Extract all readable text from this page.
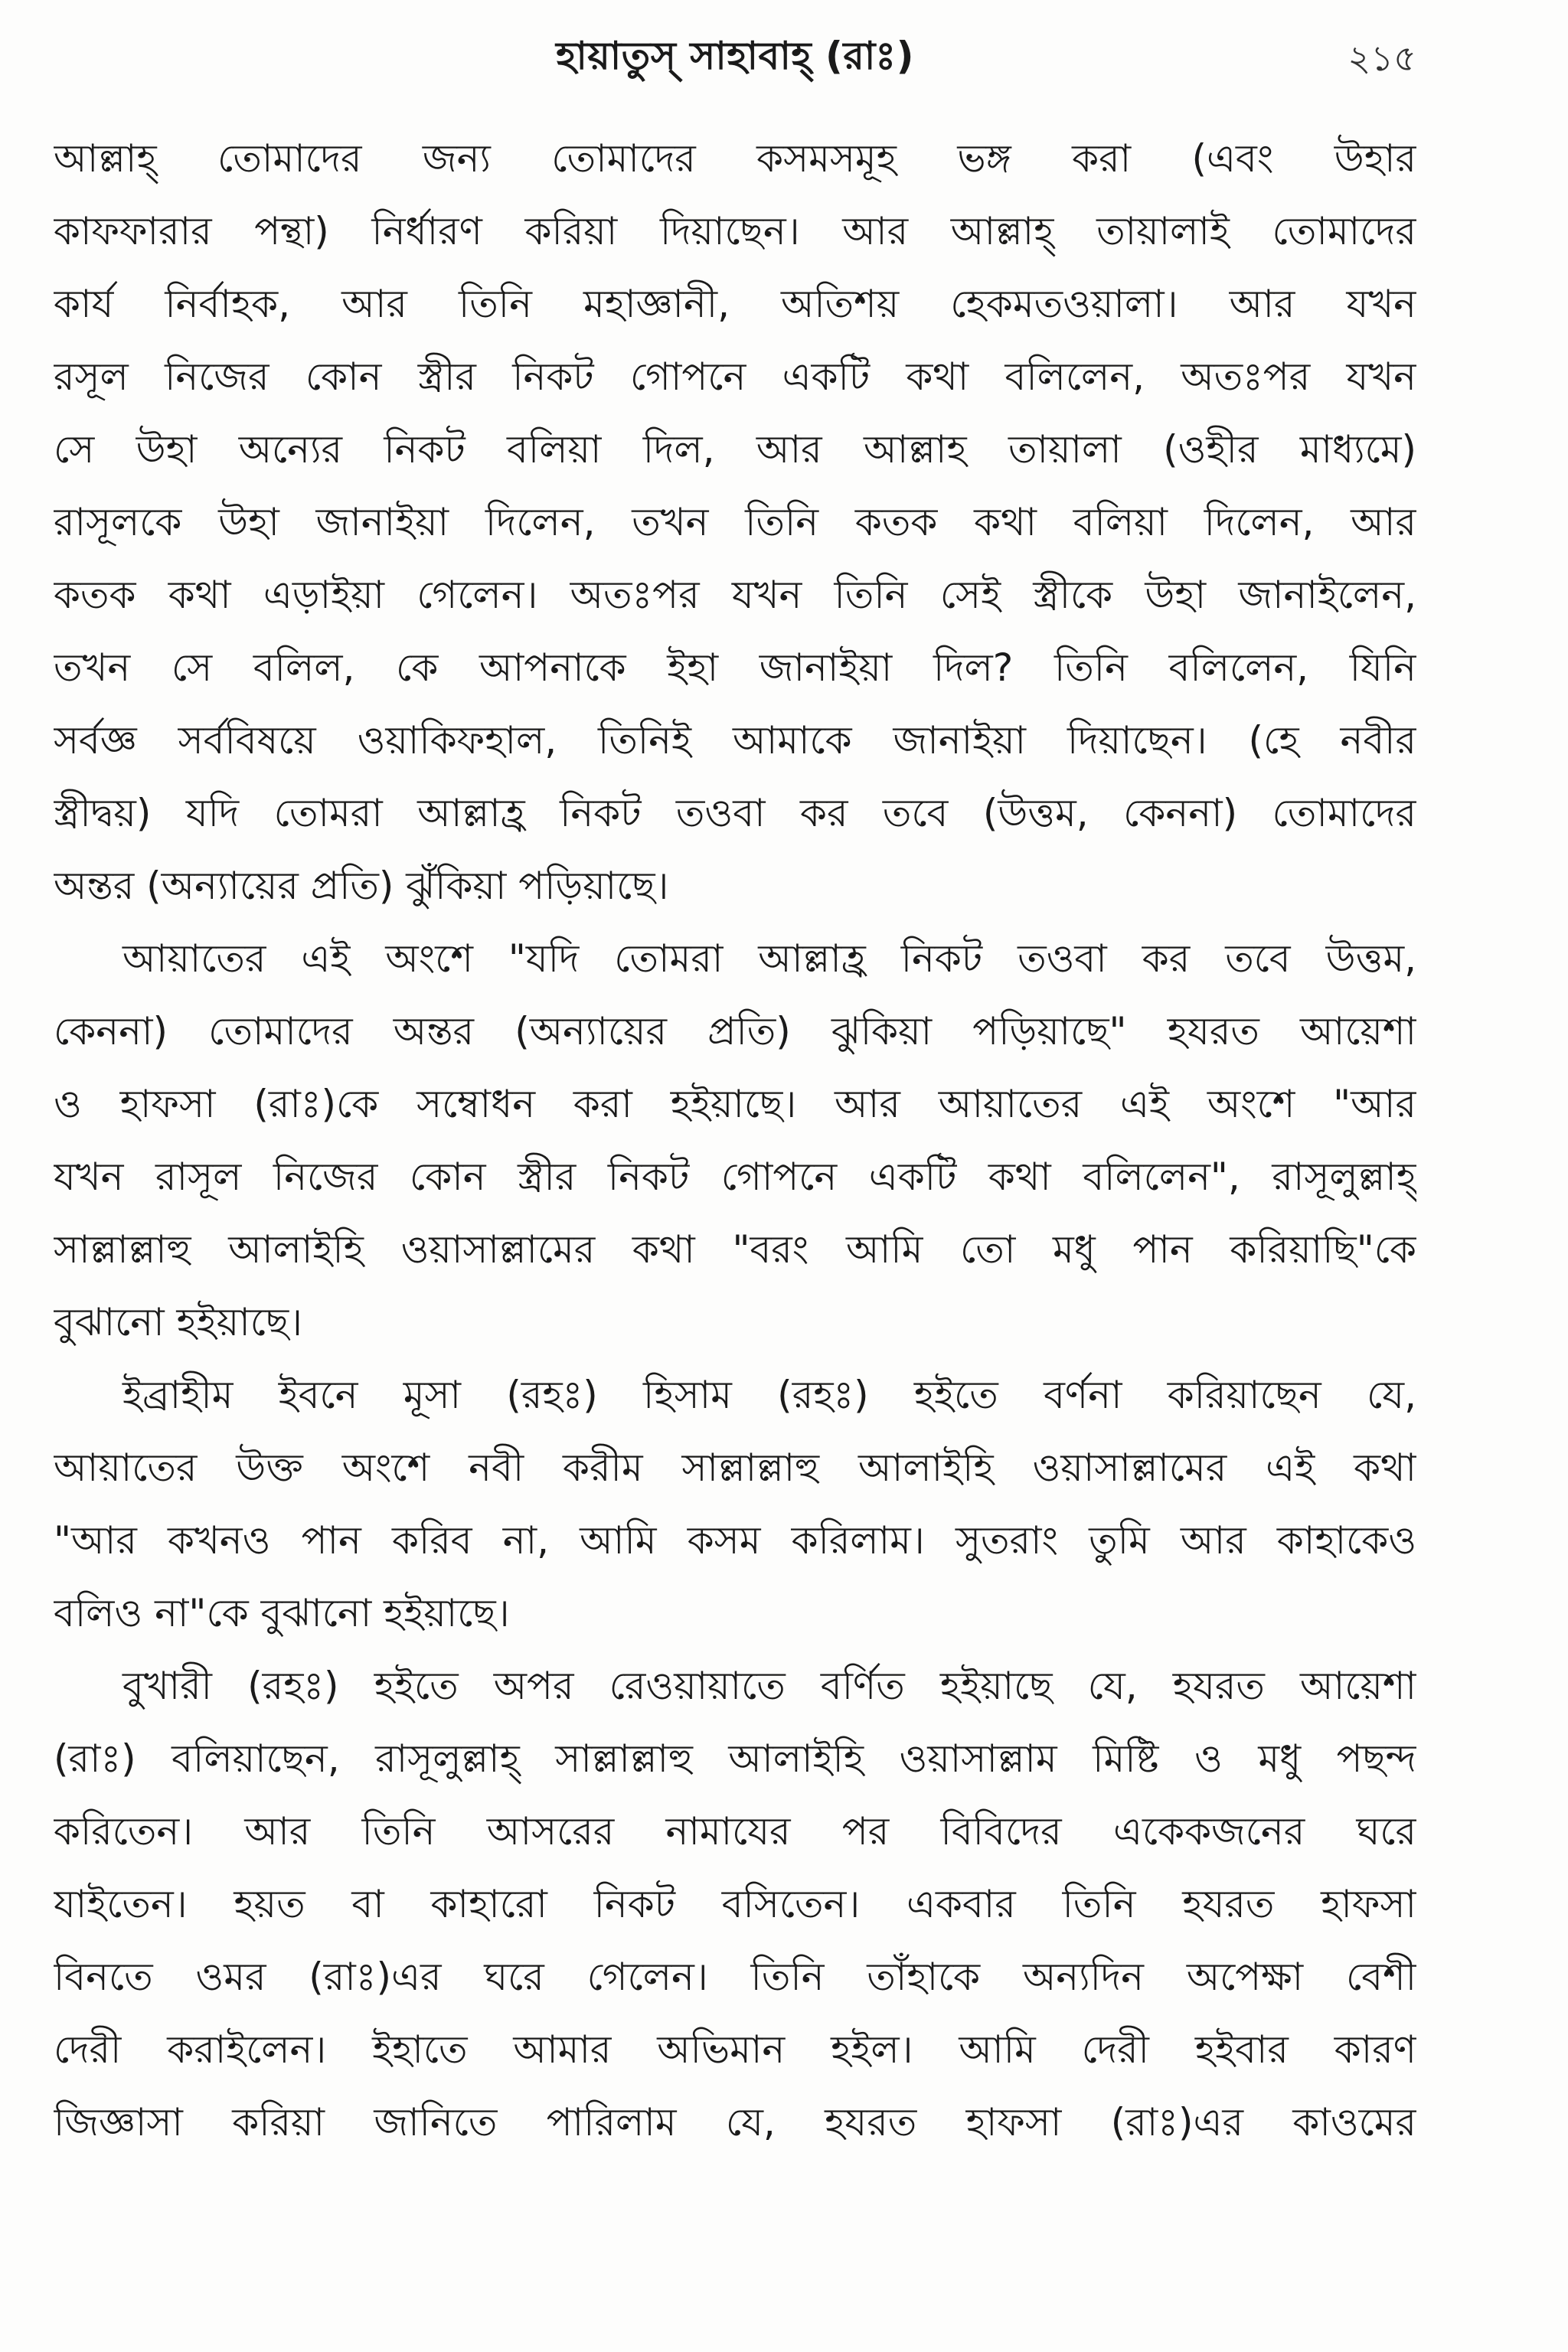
হায়াতুস্ সাহাবাহ্ (রাঃ)	২১৫
আল্লাহ্ তোমাদের জন্য তোমাদের কসমসমূহ ভঙ্গ করা (এবং উহার
কাফফারার পন্থা) নির্ধারণ করিয়া দিয়াছেন। আর আল্লাহ্ তায়ালাই তোমাদের
কার্য নির্বাহক, আর তিনি মহাজ্ঞানী, অতিশয় হেকমতওয়ালা। আর যখন
রসূল নিজের কোন স্ত্রীর নিকট গোপনে একটি কথা বলিলেন, অতঃপর যখন
সে উহা অন্যের নিকট বলিয়া দিল, আর আল্লাহ তায়ালা (ওহীর মাধ্যমে)
রাসূলকে উহা জানাইয়া দিলেন, তখন তিনি কতক কথা বলিয়া দিলেন, আর
কতক কথা এড়াইয়া গেলেন। অতঃপর যখন তিনি সেই স্ত্রীকে উহা জানাইলেন,
তখন সে বলিল, কে আপনাকে ইহা জানাইয়া দিল? তিনি বলিলেন, যিনি
সর্বজ্ঞ সর্ববিষয়ে ওয়াকিফহাল, তিনিই আমাকে জানাইয়া দিয়াছেন। (হে নবীর
স্ত্রীদ্বয়) যদি তোমরা আল্লাহ্র নিকট তওবা কর তবে (উত্তম, কেননা) তোমাদের
অন্তর (অন্যায়ের প্রতি) ঝুঁকিয়া পড়িয়াছে।
আয়াতের এই অংশে "যদি তোমরা আল্লাহ্র নিকট তওবা কর তবে উত্তম,
কেননা) তোমাদের অন্তর (অন্যায়ের প্রতি) ঝুকিয়া পড়িয়াছে" হযরত আয়েশা
ও হাফসা (রাঃ)কে সম্বোধন করা হইয়াছে। আর আয়াতের এই অংশে "আর
যখন রাসূল নিজের কোন স্ত্রীর নিকট গোপনে একটি কথা বলিলেন", রাসূলুল্লাহ্
সাল্লাল্লাহু আলাইহি ওয়াসাল্লামের কথা "বরং আমি তো মধু পান করিয়াছি"কে
বুঝানো হইয়াছে।
ইব্রাহীম ইবনে মূসা (রহঃ) হিসাম (রহঃ) হইতে বর্ণনা করিয়াছেন যে,
আয়াতের উক্ত অংশে নবী করীম সাল্লাল্লাহু আলাইহি ওয়াসাল্লামের এই কথা
"আর কখনও পান করিব না, আমি কসম করিলাম। সুতরাং তুমি আর কাহাকেও
বলিও না"কে বুঝানো হইয়াছে।
বুখারী (রহঃ) হইতে অপর রেওয়ায়াতে বর্ণিত হইয়াছে যে, হযরত আয়েশা
(রাঃ) বলিয়াছেন, রাসূলুল্লাহ্ সাল্লাল্লাহু আলাইহি ওয়াসাল্লাম মিষ্টি ও মধু পছন্দ
করিতেন। আর তিনি আসরের নামাযের পর বিবিদের একেকজনের ঘরে
যাইতেন। হয়ত বা কাহারো নিকট বসিতেন। একবার তিনি হযরত হাফসা
বিনতে ওমর (রাঃ)এর ঘরে গেলেন। তিনি তাঁহাকে অন্যদিন অপেক্ষা বেশী
দেরী করাইলেন। ইহাতে আমার অভিমান হইল। আমি দেরী হইবার কারণ
জিজ্ঞাসা করিয়া জানিতে পারিলাম যে, হযরত হাফসা (রাঃ)এর কাওমের
